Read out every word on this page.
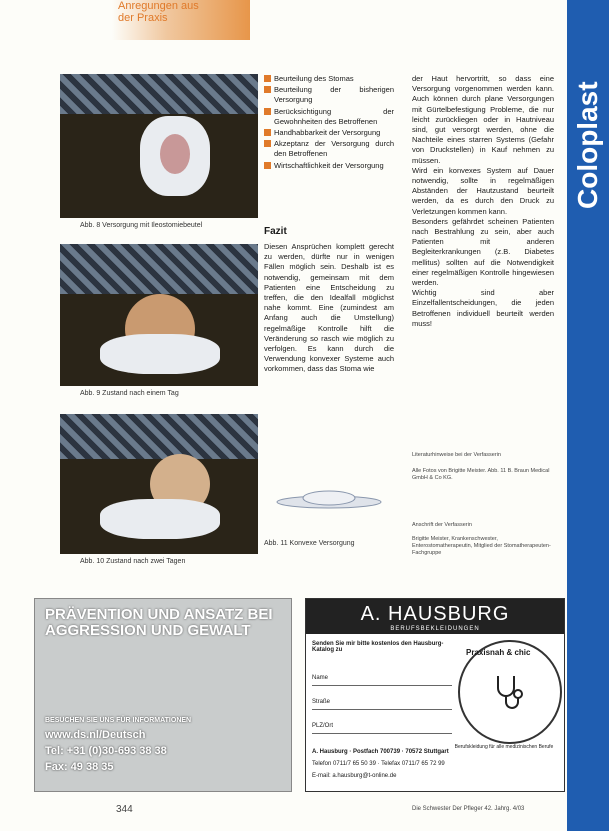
Anregungen aus
der Praxis
Abb. 8 Versorgung mit Ileostomiebeutel
Abb. 9 Zustand nach einem Tag
Abb. 10 Zustand nach zwei Tagen
Beurteilung des Stomas
Beurteilung der bisherigen Versorgung
Berücksichtigung der Gewohnheiten des Betroffenen
Handhabbarkeit der Versorgung
Akzeptanz der Versorgung durch den Betroffenen
Wirtschaftlichkeit der Versorgung
Fazit
Diesen Ansprüchen komplett gerecht zu werden, dürfte nur in wenigen Fällen möglich sein. Deshalb ist es notwendig, gemeinsam mit dem Patienten eine Entscheidung zu treffen, die den Idealfall möglichst nahe kommt. Eine (zumindest am Anfang auch die Umstellung) regelmäßige Kontrolle hilft die Veränderung so rasch wie möglich zu verfolgen. Es kann durch die Verwendung konvexer Systeme auch vorkommen, dass das Stoma wie
Abb. 11 Konvexe Versorgung
der Haut hervortritt, so dass eine Versorgung vorgenommen werden kann. Auch können durch plane Versorgungen mit Gürtelbefestigung Probleme, die nur leicht zurückliegen oder in Hautniveau sind, gut versorgt werden, ohne die Nachteile eines starren Systems (Gefahr von Druckstellen) in Kauf nehmen zu müssen.
Wird ein konvexes System auf Dauer notwendig, sollte in regelmäßigen Abständen der Hautzustand beurteilt werden, da es durch den Druck zu Verletzungen kommen kann.
Besonders gefährdet scheinen Patienten nach Bestrahlung zu sein, aber auch Patienten mit anderen Begleiterkrankungen (z.B. Diabetes mellitus) sollten auf die Notwendigkeit einer regelmäßigen Kontrolle hingewiesen werden.
Wichtig sind aber Einzelfallentscheidungen, die jeden Betroffenen individuell beurteilt werden muss!
Literaturhinweise bei der Verfasserin
Alle Fotos von Brigitte Meister. Abb. 11 B. Braun Medical GmbH & Co KG.
Anschrift der Verfasserin
Brigitte Meister, Krankenschwester, Enterostomatherapeutin, Mitglied der Stomatherapeuten-Fachgruppe
Coloplast
PRÄVENTION UND ANSATZ BEI AGGRESSION UND GEWALT
BESUCHEN SIE UNS FÜR INFORMATIONEN
www.ds.nl/Deutsch
Tel: +31 (0)30-693 38 38
Fax: 49 38 35
A. HAUSBURG
BERUFSBEKLEIDUNGEN
Senden Sie mir bitte kostenlos den Hausburg-Katalog zu
Name
Straße
PLZ/Ort
A. Hausburg · Postfach 700739 · 70572 Stuttgart
Telefon 0711/7 65 50 39 · Telefax 0711/7 65 72 99
E-mail: a.hausburg@t-online.de
Praxisnah & chic
Berufskleidung für alle medizinischen Berufe
344	Die Schwester Der Pfleger 42. Jahrg. 4/03
